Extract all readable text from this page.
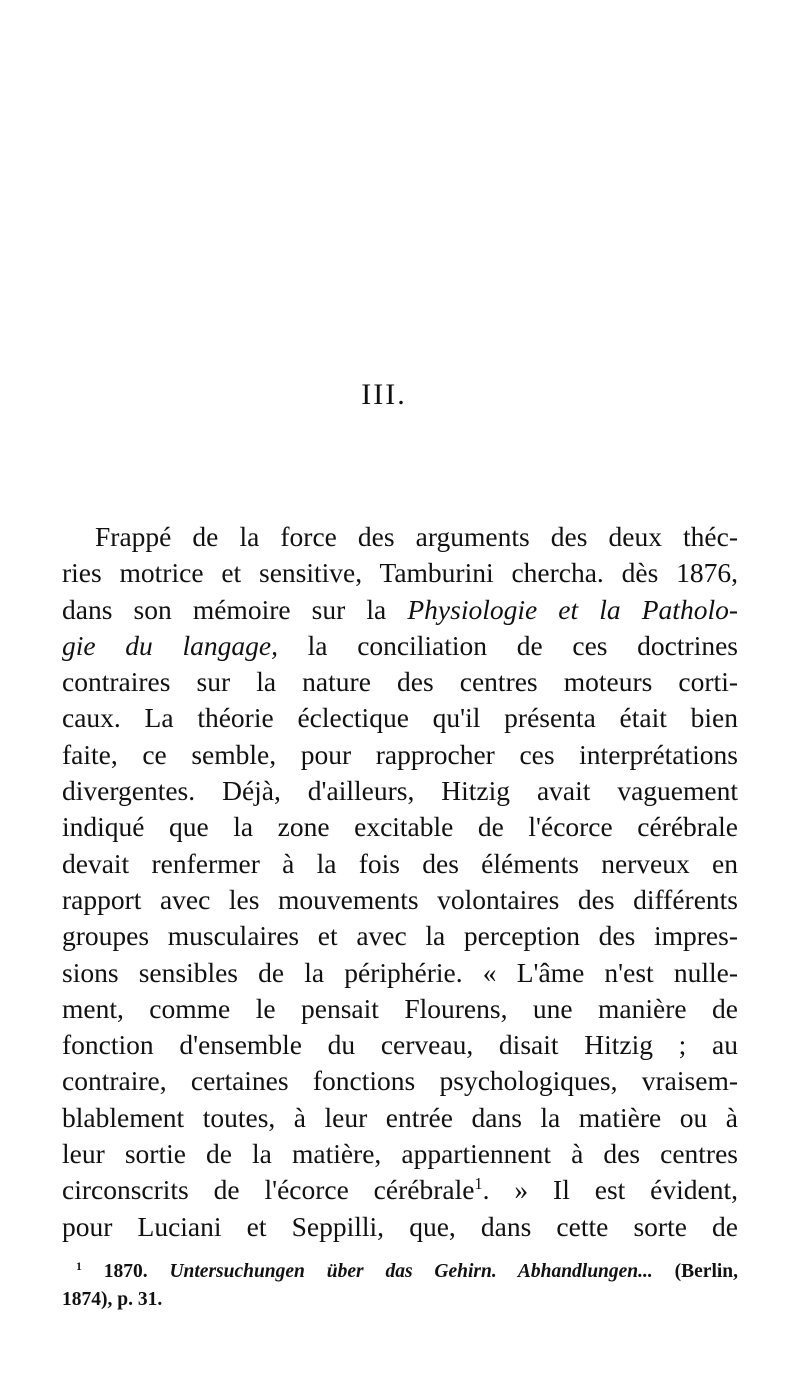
III.
Frappé de la force des arguments des deux théc-
ries motrice et sensitive, Tamburini chercha. dès 1876,
dans son mémoire sur la Physiologie et la Patholo-
gie du langage, la conciliation de ces doctrines
contraires sur la nature des centres moteurs corti-
caux. La théorie éclectique qu'il présenta était bien
faite, ce semble, pour rapprocher ces interprétations
divergentes. Déjà, d'ailleurs, Hitzig avait vaguement
indiqué que la zone excitable de l'écorce cérébrale
devait renfermer à la fois des éléments nerveux en
rapport avec les mouvements volontaires des différents
groupes musculaires et avec la perception des impres-
sions sensibles de la périphérie. « L'âme n'est nulle-
ment, comme le pensait Flourens, une manière de
fonction d'ensemble du cerveau, disait Hitzig ; au
contraire, certaines fonctions psychologiques, vraisem-
blablement toutes, à leur entrée dans la matière ou à
leur sortie de la matière, appartiennent à des centres
circonscrits de l'écorce cérébrale$^1$. » Il est évident,
pour Luciani et Seppilli, que, dans cette sorte de
$^1$ 1870. Untersuchungen über das Gehirn. Abhandlungen... (Berlin,
1874), p. 31.
